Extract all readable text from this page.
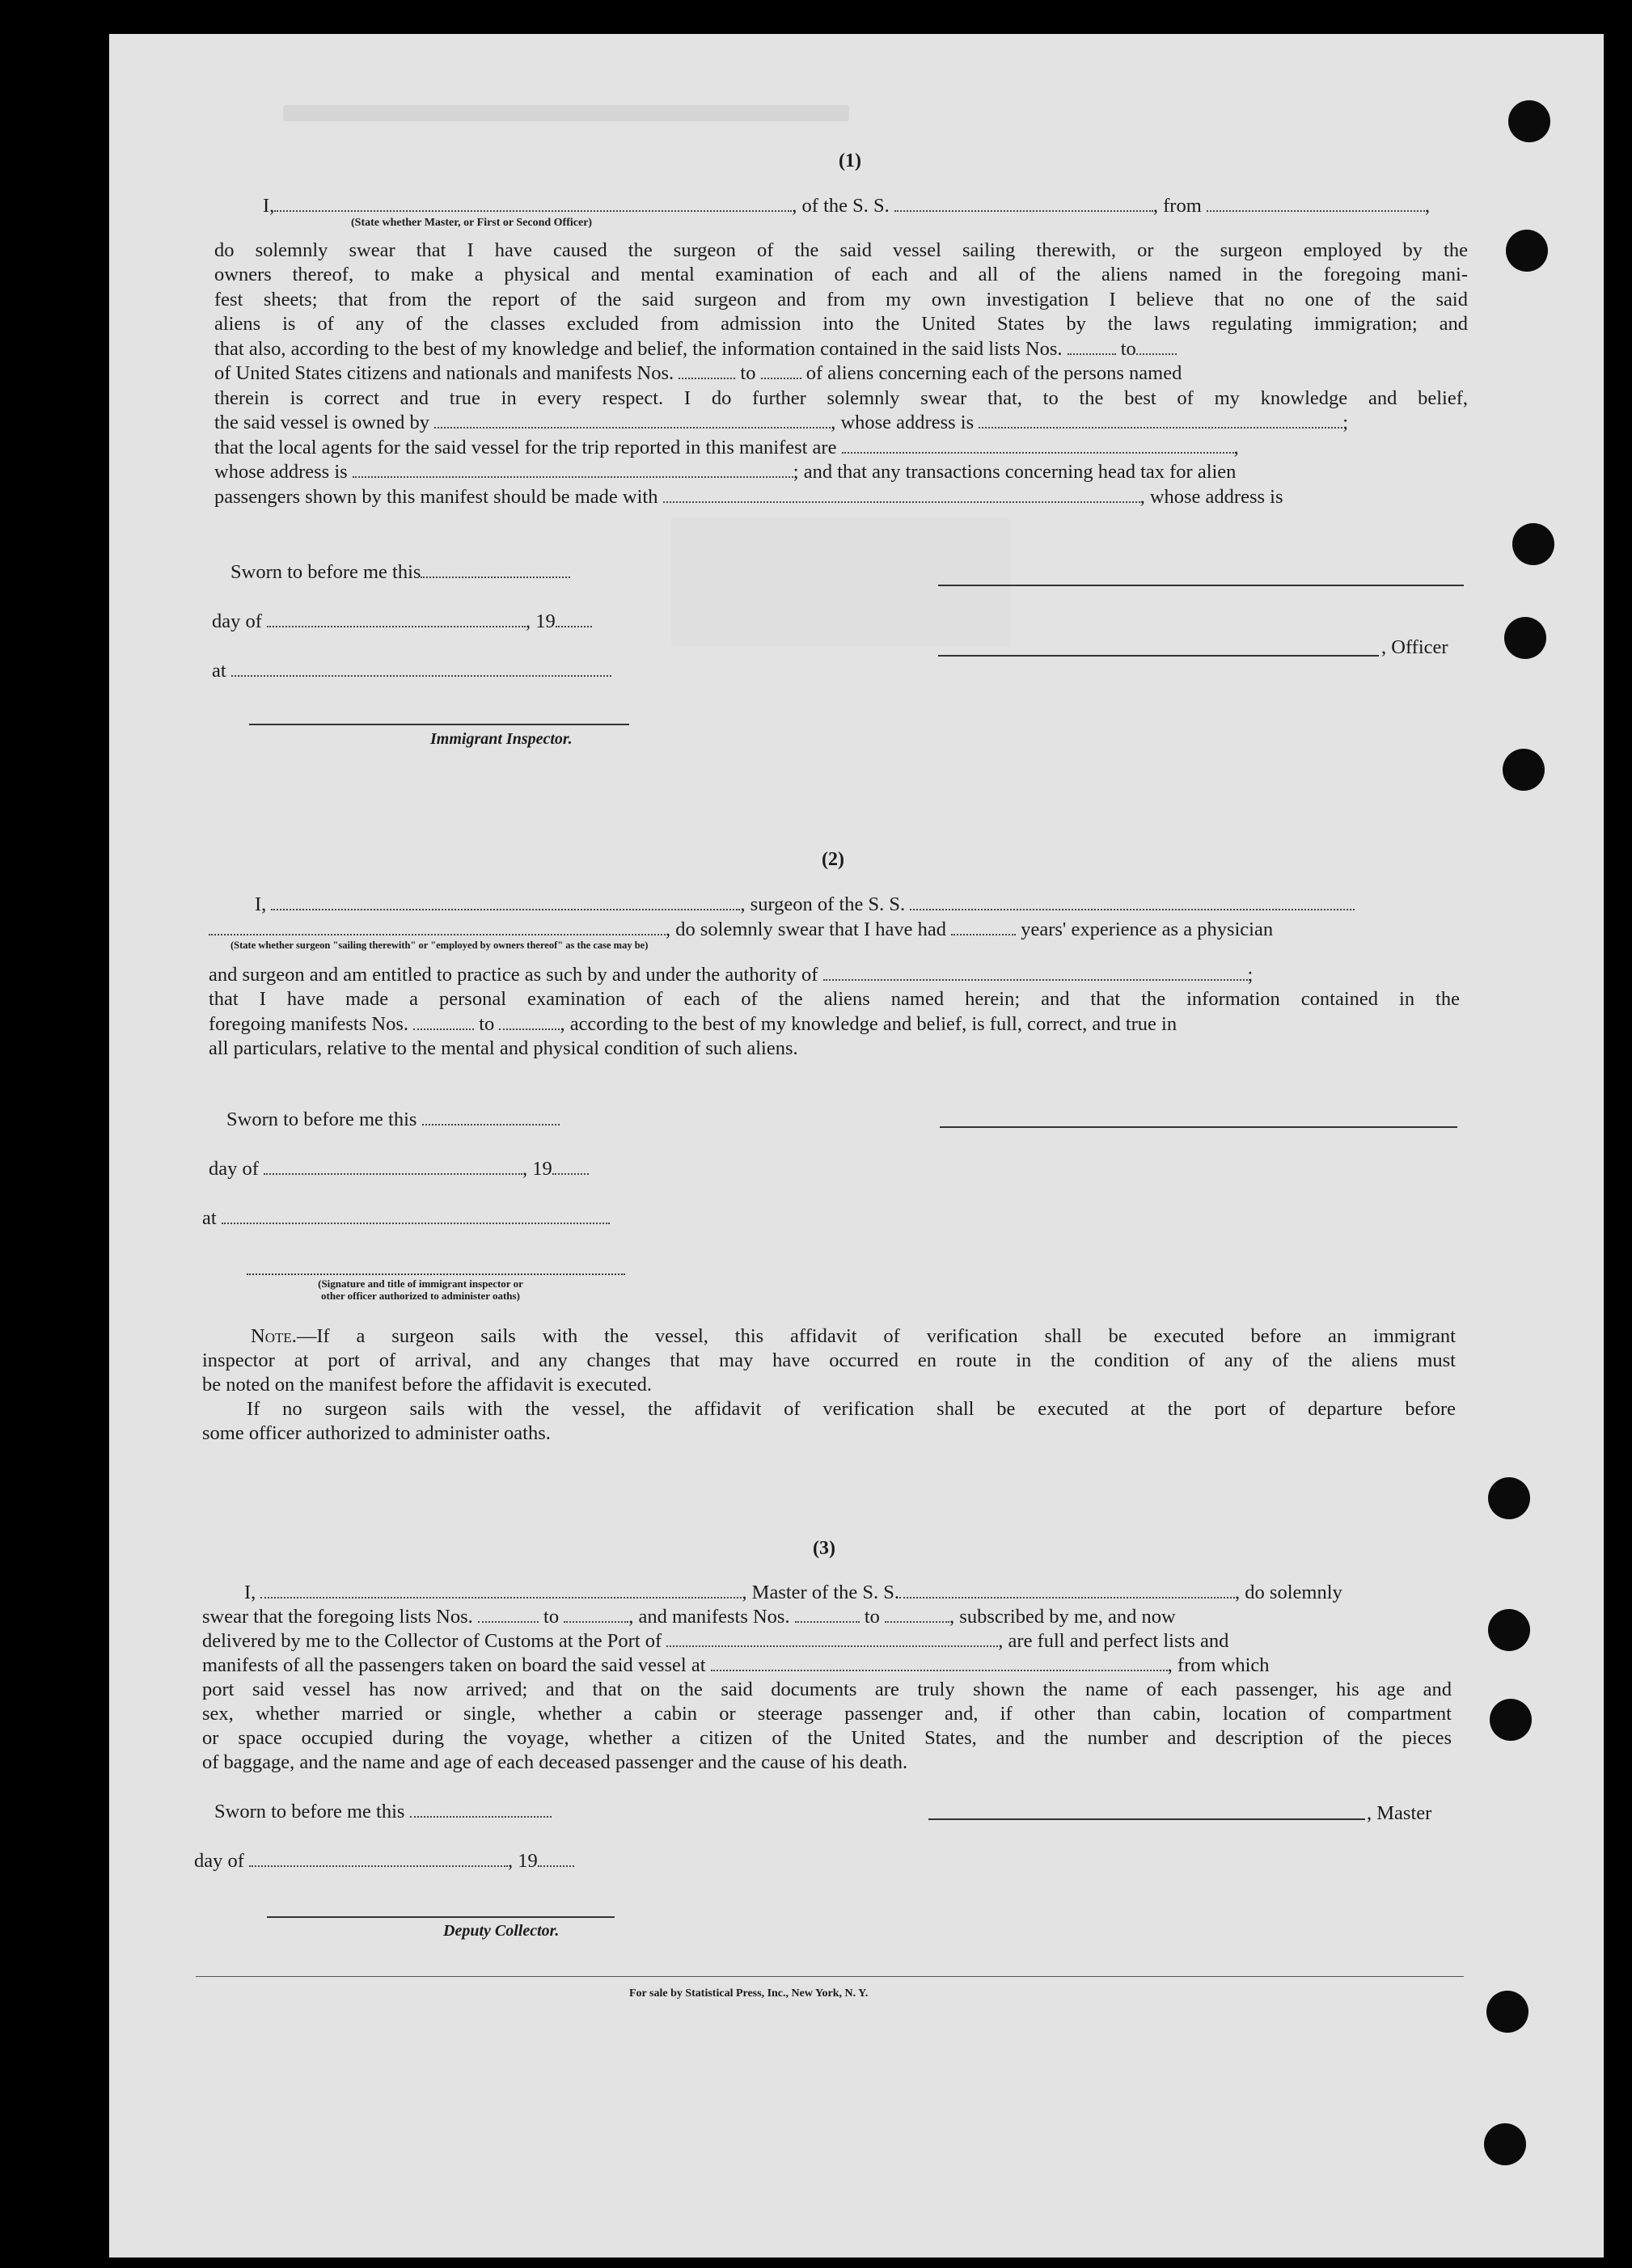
(1)
I,	, of the S. S.	, from	,
(State whether Master, or First or Second Officer)
do solemnly swear that I have caused the surgeon of the said vessel sailing therewith, or the surgeon employed by the
owners thereof, to make a physical and mental examination of each and all of the aliens named in the foregoing mani-
fest sheets; that from the report of the said surgeon and from my own investigation I believe that no one of the said
aliens is of any of the classes excluded from admission into the United States by the laws regulating immigration; and
that also, according to the best of my knowledge and belief, the information contained in the said lists Nos.	to
of United States citizens and nationals and manifests Nos.	to	of aliens concerning each of the persons named
therein is correct and true in every respect. I do further solemnly swear that, to the best of my knowledge and belief,
the said vessel is owned by	, whose address is	;
that the local agents for the said vessel for the trip reported in this manifest are	,
whose address is	; and that any transactions concerning head tax for alien
passengers shown by this manifest should be made with	, whose address is
Sworn to before me this
day of	, 19
at
Immigrant Inspector.
, Officer
(2)
I,	, surgeon of the S. S.
, do solemnly swear that I have had	years' experience as a physician
(State whether surgeon "sailing therewith" or "employed by owners thereof" as the case may be)
and surgeon and am entitled to practice as such by and under the authority of	;
that I have made a personal examination of each of the aliens named herein; and that the information contained in the
foregoing manifests Nos.	to	, according to the best of my knowledge and belief, is full, correct, and true in
all particulars, relative to the mental and physical condition of such aliens.
Sworn to before me this
day of	, 19
at
(Signature and title of immigrant inspector or
other officer authorized to administer oaths)
Note.—If a surgeon sails with the vessel, this affidavit of verification shall be executed before an immigrant
inspector at port of arrival, and any changes that may have occurred en route in the condition of any of the aliens must
be noted on the manifest before the affidavit is executed.
If no surgeon sails with the vessel, the affidavit of verification shall be executed at the port of departure before
some officer authorized to administer oaths.
(3)
I,	, Master of the S. S.	, do solemnly
swear that the foregoing lists Nos.	to	, and manifests Nos.	to	, subscribed by me, and now
delivered by me to the Collector of Customs at the Port of	, are full and perfect lists and
manifests of all the passengers taken on board the said vessel at	, from which
port said vessel has now arrived; and that on the said documents are truly shown the name of each passenger, his age and
sex, whether married or single, whether a cabin or steerage passenger and, if other than cabin, location of compartment
or space occupied during the voyage, whether a citizen of the United States, and the number and description of the pieces
of baggage, and the name and age of each deceased passenger and the cause of his death.
Sworn to before me this	, Master
day of	, 19
Deputy Collector.
For sale by Statistical Press, Inc., New York, N. Y.
